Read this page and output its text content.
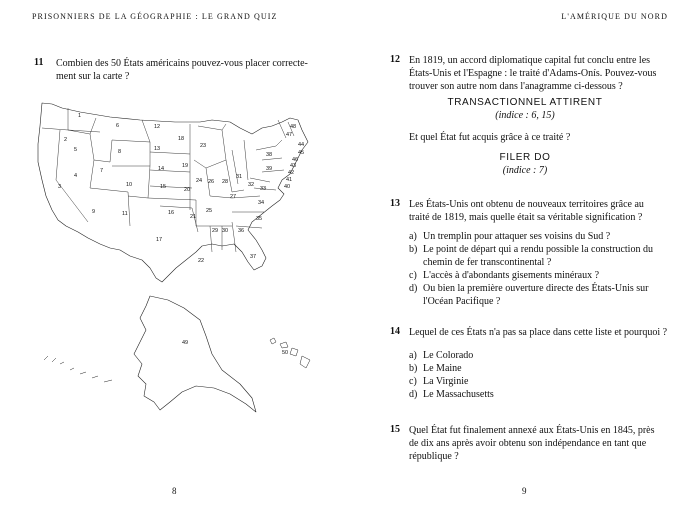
PRISONNIERS DE LA GÉOGRAPHIE : LE GRAND QUIZ
11 Combien des 50 États américains pouvez-vous placer correcte-
ment sur la carte ?
1
2
3
4
5
6
7
8
9
10
11
12
13
14
15
16
17
18
19
20
21
22
23
24
25
26
27
28
29 30
31
32
33
34
35
36
37
38
39
40
41
42
43
44
45
46
47
48
49
50
8
L'AMÉRIQUE DU NORD
12 En 1819, un accord diplomatique capital fut conclu entre les
États-Unis et l'Espagne : le traité d'Adams-Onís. Pouvez-vous
trouver son autre nom dans l'anagramme ci-dessous ?
TRANSACTIONNEL ATTIRENT
(indice : 6, 15)
Et quel État fut acquis grâce à ce traité ?
FILER DO
(indice : 7)
13 Les États-Unis ont obtenu de nouveaux territoires grâce au
traité de 1819, mais quelle était sa véritable signification ?
a) Un tremplin pour attaquer ses voisins du Sud ?
b) Le point de départ qui a rendu possible la construction du
chemin de fer transcontinental ?
c) L'accès à d'abondants gisements minéraux ?
d) Ou bien la première ouverture directe des États-Unis sur
l'Océan Pacifique ?
14 Lequel de ces États n'a pas sa place dans cette liste et pourquoi ?
a) Le Colorado
b) Le Maine
c) La Virginie
d) Le Massachusetts
15 Quel État fut finalement annexé aux États-Unis en 1845, près
de dix ans après avoir obtenu son indépendance en tant que
république ?
9
